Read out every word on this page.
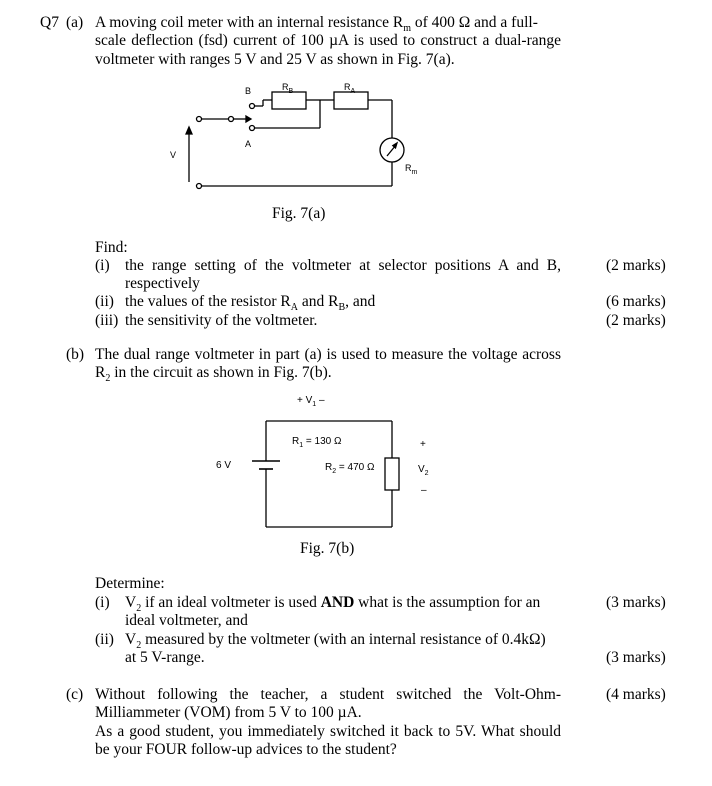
Q7 (a) A moving coil meter with an internal resistance $R_m$ of 400 Ω and a full-
scale deflection (fsd) current of 100 µA is used to construct a dual-range
voltmeter with ranges 5 V and 25 V as shown in Fig. 7(a).
B	$R_B$	$R_A$
A
V
$R_m$
Fig. 7(a)
Find:
(i) the range setting of the voltmeter at selector positions A and B,
respectively
(2 marks)
(ii) the values of the resistor $R_A$ and $R_B$, and	(6 marks)
(iii) the sensitivity of the voltmeter.	(2 marks)
(b) The dual range voltmeter in part (a) is used to measure the voltage across
$R_2$ in the circuit as shown in Fig. 7(b).
+ $V_1$ –
$R_1 = 130$ Ω
$R_2 = 470$ Ω
6 V
+
$V_2$
–
Fig. 7(b)
Determine:
(i) $V_2$ if an ideal voltmeter is used AND what is the assumption for an
ideal voltmeter, and
(3 marks)
(ii) $V_2$ measured by the voltmeter (with an internal resistance of 0.4kΩ)
at 5 V-range.	(3 marks)
(c) Without following the teacher, a student switched the Volt-Ohm-
Milliammeter (VOM) from 5 V to 100 µA.
As a good student, you immediately switched it back to 5V. What should
be your FOUR follow-up advices to the student?
(4 marks)
